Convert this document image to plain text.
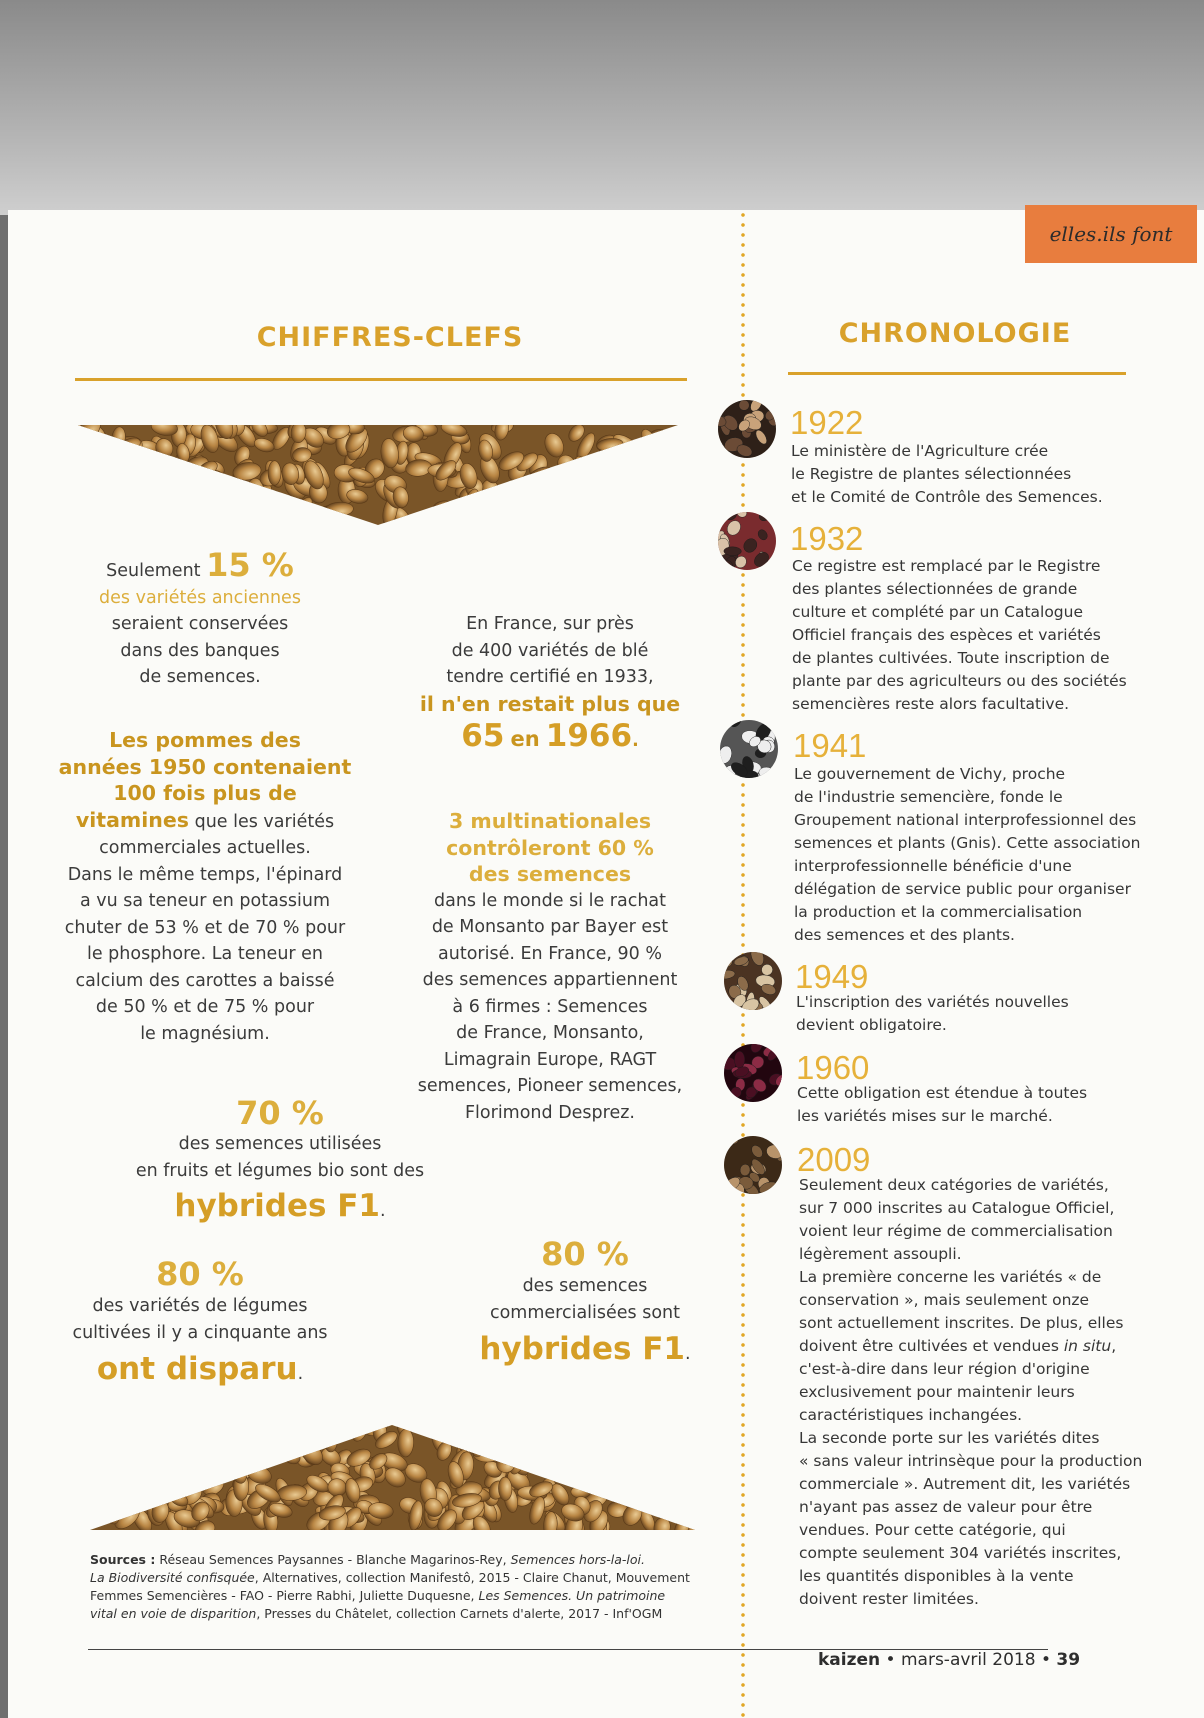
elles.ils font
CHIFFRES-CLEFS
Seulement 15 %
des variétés anciennes
seraient conservées
dans des banques
de semences.
En France, sur près
de 400 variétés de blé
tendre certifié en 1933,
il n'en restait plus que
65 en 1966.
Les pommes des
années 1950 contenaient
100 fois plus de
vitamines que les variétés
commerciales actuelles.
Dans le même temps, l'épinard
a vu sa teneur en potassium
chuter de 53 % et de 70 % pour
le phosphore. La teneur en
calcium des carottes a baissé
de 50 % et de 75 % pour
le magnésium.
3 multinationales
contrôleront 60 %
des semences
dans le monde si le rachat
de Monsanto par Bayer est
autorisé. En France, 90 %
des semences appartiennent
à 6 firmes : Semences
de France, Monsanto,
Limagrain Europe, RAGT
semences, Pioneer semences,
Florimond Desprez.
70 %
des semences utilisées
en fruits et légumes bio sont des
hybrides F1.
80 %
des variétés de légumes
cultivées il y a cinquante ans
ont disparu.
80 %
des semences
commercialisées sont
hybrides F1.
Sources : Réseau Semences Paysannes - Blanche Magarinos-Rey, Semences hors-la-loi.
La Biodiversité confisquée, Alternatives, collection Manifestô, 2015 - Claire Chanut, Mouvement
Femmes Semencières - FAO - Pierre Rabhi, Juliette Duquesne, Les Semences. Un patrimoine
vital en voie de disparition, Presses du Châtelet, collection Carnets d'alerte, 2017 - Inf'OGM
CHRONOLOGIE
1922
Le ministère de l'Agriculture crée
le Registre de plantes sélectionnées
et le Comité de Contrôle des Semences.
1932
Ce registre est remplacé par le Registre
des plantes sélectionnées de grande
culture et complété par un Catalogue
Officiel français des espèces et variétés
de plantes cultivées. Toute inscription de
plante par des agriculteurs ou des sociétés
semencières reste alors facultative.
1941
Le gouvernement de Vichy, proche
de l'industrie semencière, fonde le
Groupement national interprofessionnel des
semences et plants (Gnis). Cette association
interprofessionnelle bénéficie d'une
délégation de service public pour organiser
la production et la commercialisation
des semences et des plants.
1949
L'inscription des variétés nouvelles
devient obligatoire.
1960
Cette obligation est étendue à toutes
les variétés mises sur le marché.
2009
Seulement deux catégories de variétés,
sur 7 000 inscrites au Catalogue Officiel,
voient leur régime de commercialisation
légèrement assoupli.
La première concerne les variétés « de
conservation », mais seulement onze
sont actuellement inscrites. De plus, elles
doivent être cultivées et vendues in situ,
c'est-à-dire dans leur région d'origine
exclusivement pour maintenir leurs
caractéristiques inchangées.
La seconde porte sur les variétés dites
« sans valeur intrinsèque pour la production
commerciale ». Autrement dit, les variétés
n'ayant pas assez de valeur pour être
vendues. Pour cette catégorie, qui
compte seulement 304 variétés inscrites,
les quantités disponibles à la vente
doivent rester limitées.
kaizen • mars-avril 2018 • 39
